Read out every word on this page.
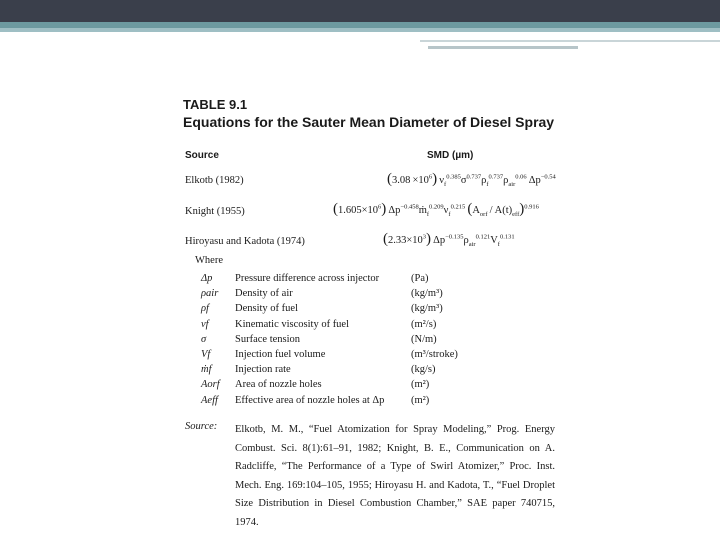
TABLE 9.1
Equations for the Sauter Mean Diameter of Diesel Spray
Source	SMD (µm)
Elkotb (1982)	$(3.08 \times 10^6)$ $\nu_f^{0.385}\sigma^{0.737}\rho_f^{0.737}\rho_{air}^{0.06}$ $\Delta p^{-0.54}$
Knight (1955)	$(1.605\times 10^6)$ $\Delta p^{-0.458}ṁ_f^{0.209}\nu_f^{0.215}$  $(A_{orf} / A(t)_{eff})^{0.916}$
Hiroyasu and Kadota (1974)	$(2.33\times 10^3)$ $\Delta p^{-0.135}\rho_{air}^{0.121}V_f^{0.131}$
Where
Δp Pressure difference across injector	(Pa)
ρair Density of air	(kg/m³)
ρf Density of fuel	(kg/m³)
νf	Kinematic viscosity of fuel	(m²/s)
σ	Surface tension	(N/m)
Vf Injection fuel volume	(m³/stroke)
ṁf Injection rate	(kg/s)
Aorf Area of nozzle holes	(m²)
Aeff Effective area of nozzle holes at Δp	(m²)
Source: Elkotb, M. M., “Fuel Atomization for Spray Modeling,” Prog. Energy Combust. Sci. 8(1):61–91, 1982; Knight, B. E., Communication on A. Radcliffe, “The Performance of a Type of Swirl Atomizer,” Proc. Inst. Mech. Eng. 169:104–105, 1955; Hiroyasu H. and Kadota, T., “Fuel Droplet Size Distribution in Diesel Combustion Chamber,” SAE paper 740715, 1974.
